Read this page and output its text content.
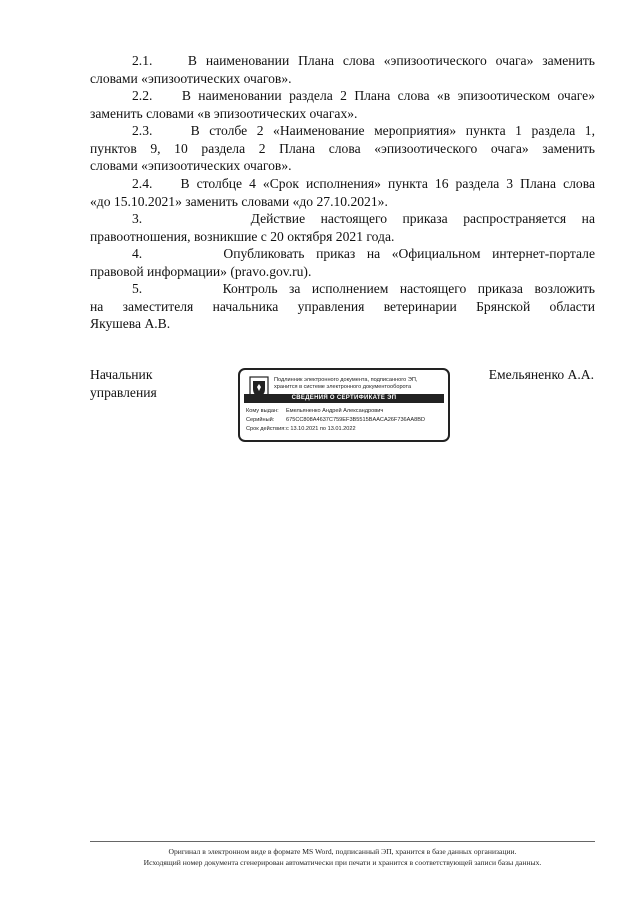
2.1.    В наименовании Плана слова «эпизоотического очага» заменить
словами «эпизоотических очагов».
2.2.    В наименовании раздела 2 Плана слова «в эпизоотическом очаге»
заменить словами «в эпизоотических очагах».
2.3.    В столбе 2 «Наименование мероприятия» пункта 1 раздела 1,
пунктов 9, 10 раздела 2 Плана слова «эпизоотического очага» заменить
словами «эпизоотических очагов».
2.4.    В столбце 4 «Срок исполнения» пункта 16 раздела 3 Плана слова
«до 15.10.2021» заменить словами «до 27.10.2021».
3.       Действие настоящего приказа распространяется на
правоотношения, возникшие с 20 октября 2021 года.
4.       Опубликовать приказ на «Официальном интернет-портале
правовой информации» (pravo.gov.ru).
5.       Контроль за исполнением настоящего приказа возложить
на заместителя начальника управления ветеринарии Брянской области
Якушева А.В.
Начальник
управления
Подлинник электронного документа, подписанного ЭП,
хранится в системе электронного документооборота
СВЕДЕНИЯ О СЕРТИФИКАТЕ ЭП
Кому выдан:	Емельяненко Андрей Александрович
Серийный:	675CC808A4637C759EF3B5515BAACA26F736AA8BD
Срок действия: с 13.10.2021 по 13.01.2022
Емельяненко А.А.
Оригинал в электронном виде в формате MS Word, подписанный ЭП, хранится в базе данных организации.
Исходящий номер документа сгенерирован автоматически при печати и хранится в соответствующей записи базы данных.
